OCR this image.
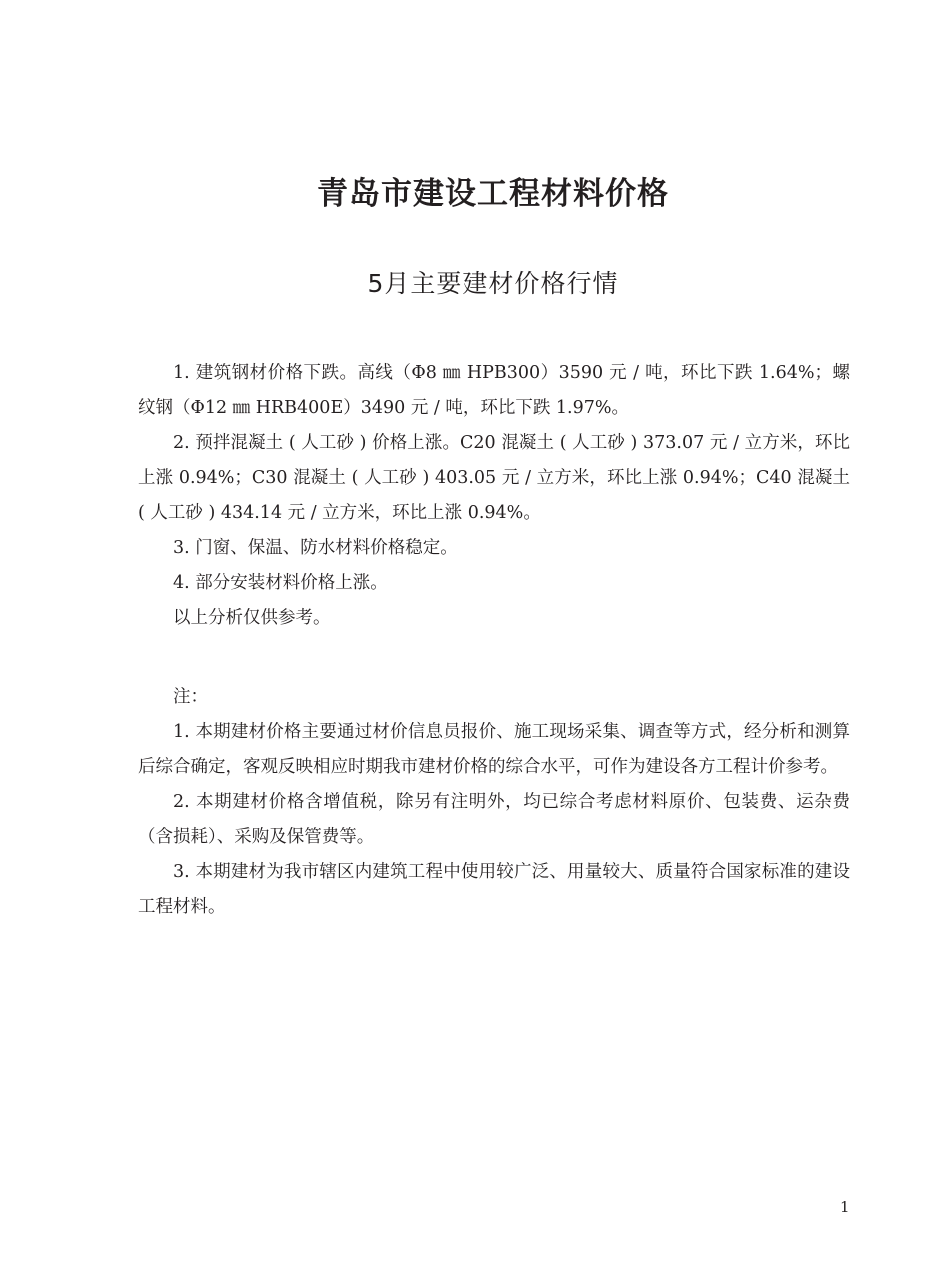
青岛市建设工程材料价格
5月主要建材价格行情

1. 建筑钢材价格下跌。高线（Φ8 ㎜ HPB300）3590 元 / 吨，环比下跌 1.64%；螺纹钢（Φ12 ㎜ HRB400E）3490 元 / 吨，环比下跌 1.97%。

2. 预拌混凝土 ( 人工砂 ) 价格上涨。C20 混凝土 ( 人工砂 ) 373.07 元 / 立方米，环比上涨 0.94%；C30 混凝土 ( 人工砂 ) 403.05 元 / 立方米，环比上涨 0.94%；C40 混凝土 ( 人工砂 ) 434.14 元 / 立方米，环比上涨 0.94%。

3. 门窗、保温、防水材料价格稳定。

4. 部分安装材料价格上涨。

以上分析仅供参考。

注：

1. 本期建材价格主要通过材价信息员报价、施工现场采集、调查等方式，经分析和测算后综合确定，客观反映相应时期我市建材价格的综合水平，可作为建设各方工程计价参考。

2. 本期建材价格含增值税，除另有注明外，均已综合考虑材料原价、包装费、运杂费（含损耗）、采购及保管费等。

3. 本期建材为我市辖区内建筑工程中使用较广泛、用量较大、质量符合国家标准的建设工程材料。

1
